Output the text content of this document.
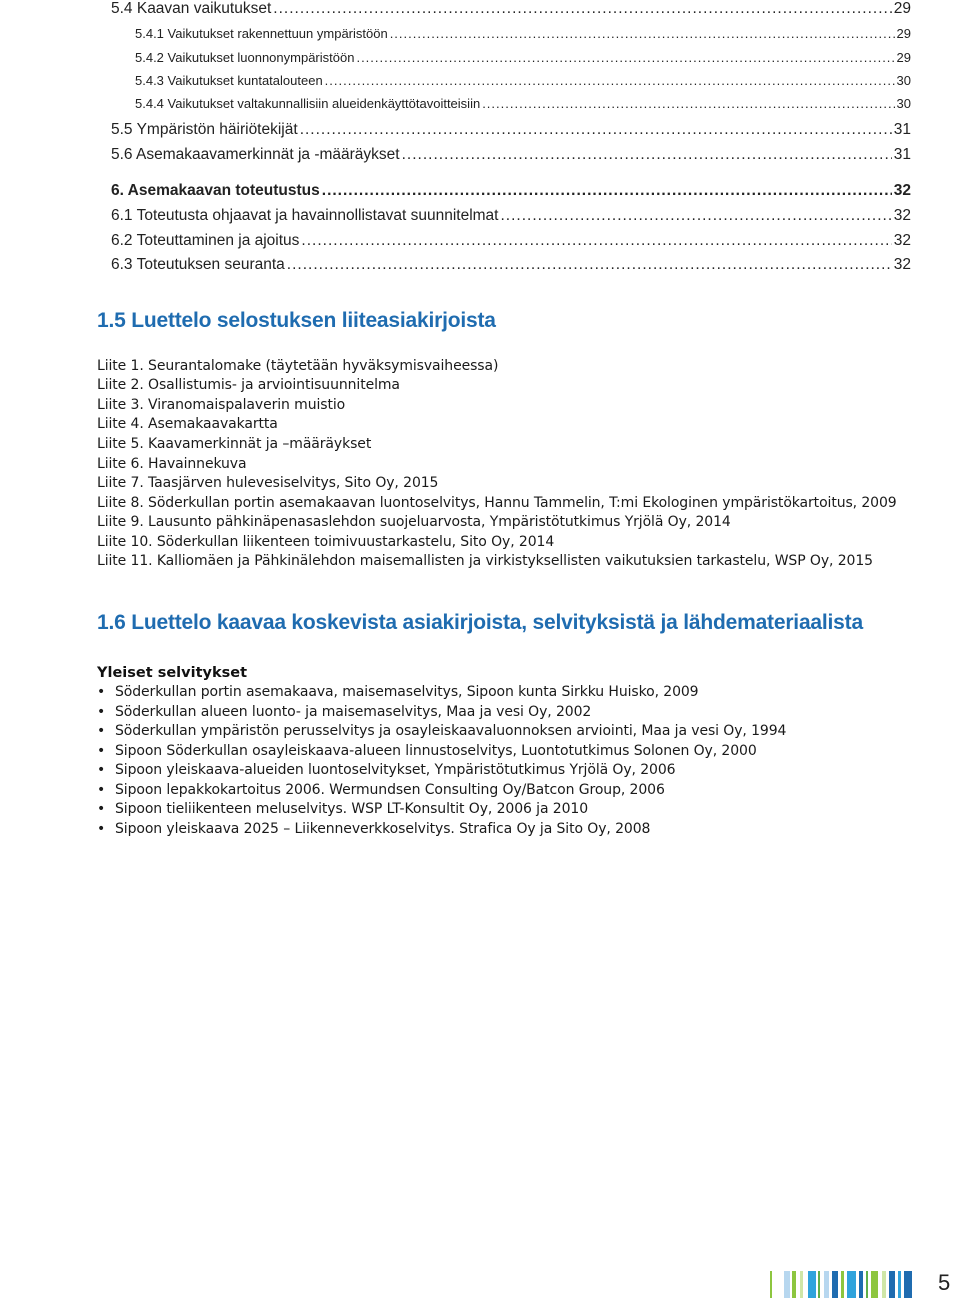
5.4 Kaavan vaikutukset .....	29
5.4.1 Vaikutukset rakennettuun ympäristöön .....	29
5.4.2 Vaikutukset luonnonympäristöön .....	29
5.4.3 Vaikutukset kuntatalouteen .....	30
5.4.4 Vaikutukset valtakunnallisiin alueidenkäyttötavoitteisiin .....	30
5.5 Ympäristön häiriötekijät .....	31
5.6 Asemakaavamerkinnät ja -määräykset .....	31
6. Asemakaavan toteutustus .....	32
6.1 Toteutusta ohjaavat ja havainnollistavat suunnitelmat .....	32
6.2 Toteuttaminen ja ajoitus .....	32
6.3 Toteutuksen seuranta .....	32
1.5 Luettelo selostuksen liiteasiakirjoista
Liite 1. Seurantalomake (täytetään hyväksymisvaiheessa)
Liite 2. Osallistumis- ja arviointisuunnitelma
Liite 3. Viranomaispalaverin muistio
Liite 4. Asemakaavakartta
Liite 5. Kaavamerkinnät ja –määräykset
Liite 6. Havainnekuva
Liite 7. Taasjärven hulevesiselvitys, Sito Oy, 2015
Liite 8. Söderkullan portin asemakaavan luontoselvitys, Hannu Tammelin, T:mi Ekologinen ympäristökartoitus, 2009
Liite 9. Lausunto pähkinäpenasaslehdon suojeluarvosta, Ympäristötutkimus Yrjölä Oy, 2014
Liite 10. Söderkullan liikenteen toimivuustarkastelu, Sito Oy, 2014
Liite 11. Kalliomäen ja Pähkinälehdon maisemallisten ja virkistyksellisten vaikutuksien tarkastelu, WSP Oy, 2015
1.6 Luettelo kaavaa koskevista asiakirjoista, selvityksistä ja lähdemateriaalista
Yleiset selvitykset
• Söderkullan portin asemakaava, maisemaselvitys, Sipoon kunta Sirkku Huisko, 2009
• Söderkullan alueen luonto- ja maisemaselvitys, Maa ja vesi Oy, 2002
• Söderkullan ympäristön perusselvitys ja osayleiskaavaluonnoksen arviointi, Maa ja vesi Oy, 1994
• Sipoon Söderkullan osayleiskaava-alueen linnustoselvitys, Luontotutkimus Solonen Oy, 2000
• Sipoon yleiskaava-alueiden luontoselvitykset, Ympäristötutkimus Yrjölä Oy, 2006
• Sipoon lepakkokartoitus 2006. Wermundsen Consulting Oy/Batcon Group, 2006
• Sipoon tieliikenteen meluselvitys. WSP LT-Konsultit Oy, 2006 ja 2010
• Sipoon yleiskaava 2025 – Liikenneverkkoselvitys. Strafica Oy ja Sito Oy, 2008
5
